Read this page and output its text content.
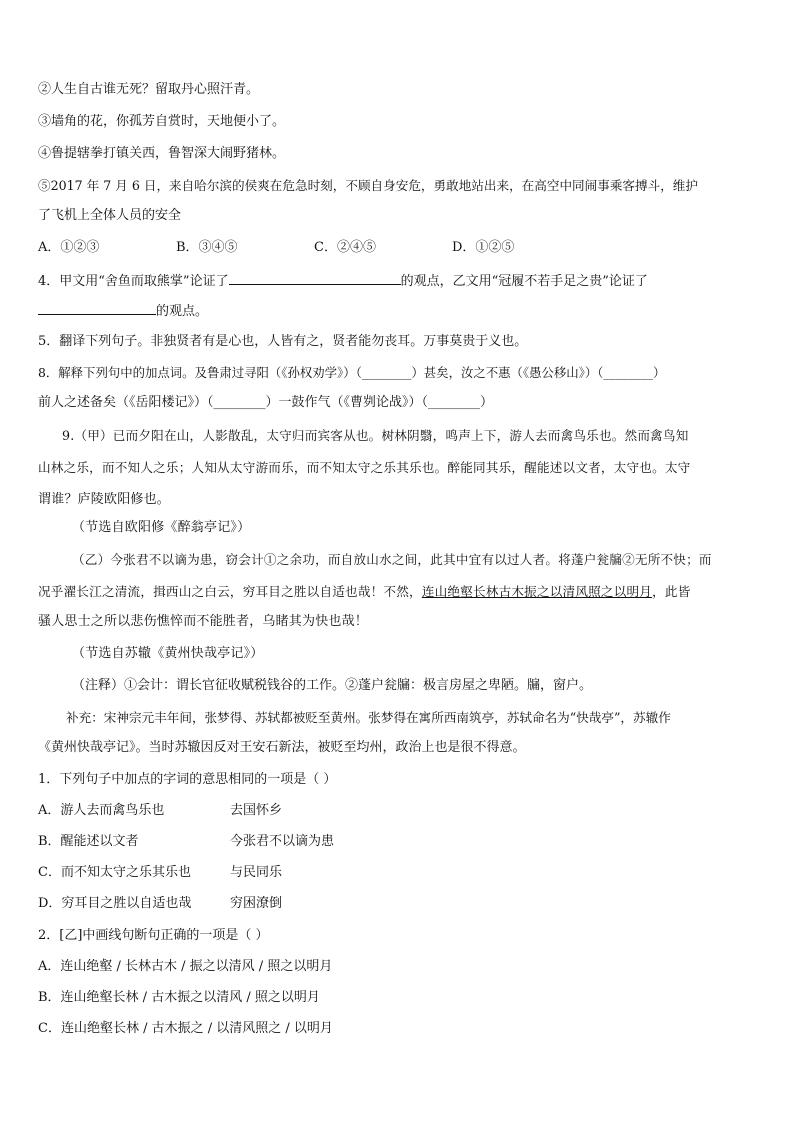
②人生自古谁无死？留取丹心照汗青。
③墙角的花，你孤芳自赏时，天地便小了。
④鲁提辖拳打镇关西，鲁智深大闹野猪林。
⑤2017 年 7 月 6 日，来自哈尔滨的侯爽在危急时刻，不顾自身安危，勇敢地站出来，在高空中同闹事乘客搏斗，维护
了飞机上全体人员的安全
A．①②③	B．③④⑤	C．②④⑤	D．①②⑤
4．甲文用“舍鱼而取熊掌”论证了	的观点，乙文用“冠履不若手足之贵”论证了
的观点。
5．翻译下列句子。非独贤者有是心也，人皆有之，贤者能勿丧耳。万事莫贵于义也。
8．解释下列句中的加点词。及鲁肃过寻阳（《孙权劝学》）（________）甚矣，汝之不惠（《愚公移山》）（________）
前人之述备矣（《岳阳楼记》）（________）一鼓作气（《曹刿论战》）（________）
9.（甲）已而夕阳在山，人影散乱，太守归而宾客从也。树林阴翳，鸣声上下，游人去而禽鸟乐也。然而禽鸟知
山林之乐，而不知人之乐；人知从太守游而乐，而不知太守之乐其乐也。醉能同其乐，醒能述以文者，太守也。太守
谓谁？庐陵欧阳修也。
（节选自欧阳修《醉翁亭记》）
（乙）今张君不以谪为患，窃会计①之余功，而自放山水之间，此其中宜有以过人者。将蓬户瓮牖②无所不快；而
况乎濯长江之清流，揖西山之白云，穷耳目之胜以自适也哉！不然，连山绝壑长林古木振之以清风照之以明月，此皆
骚人思士之所以悲伤憔悴而不能胜者，乌睹其为快也哉！
（节选自苏辙《黄州快哉亭记》）
（注释）①会计：谓长官征收赋税钱谷的工作。②蓬户瓮牖：极言房屋之卑陋。牖，窗户。
补充：宋神宗元丰年间，张梦得、苏轼都被贬至黄州。张梦得在寓所西南筑亭，苏轼命名为“快哉亭”，苏辙作
《黄州快哉亭记》。当时苏辙因反对王安石新法，被贬至均州，政治上也是很不得意。
1．下列句子中加点的字词的意思相同的一项是（ ）
A．游人去而禽鸟乐也	去国怀乡
B．醒能述以文者	今张君不以谪为患
C．而不知太守之乐其乐也	与民同乐
D．穷耳目之胜以自适也哉	穷困潦倒
2．[乙]中画线句断句正确的一项是（ ）
A．连山绝壑 / 长林古木 / 振之以清风 / 照之以明月
B．连山绝壑长林 / 古木振之以清风 / 照之以明月
C．连山绝壑长林 / 古木振之 / 以清风照之 / 以明月
